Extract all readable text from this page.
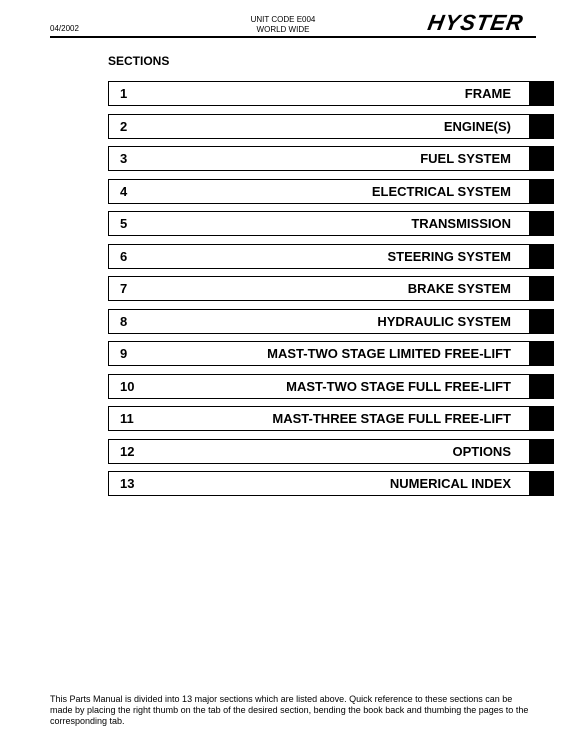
04/2002
UNIT CODE E004
WORLD WIDE	HYSTER
SECTIONS
1	FRAME
2	ENGINE(S)
3	FUEL SYSTEM
4	ELECTRICAL SYSTEM
5	TRANSMISSION
6	STEERING SYSTEM
7	BRAKE SYSTEM
8	HYDRAULIC SYSTEM
9	MAST-TWO STAGE LIMITED FREE-LIFT
10	MAST-TWO STAGE FULL FREE-LIFT
11	MAST-THREE STAGE FULL FREE-LIFT
12	OPTIONS
13	NUMERICAL INDEX
This Parts Manual is divided into 13 major sections which are listed above. Quick reference to these sections can be made by placing the right thumb on the tab of the desired section, bending the book back and thumbing the pages to the corresponding tab.
